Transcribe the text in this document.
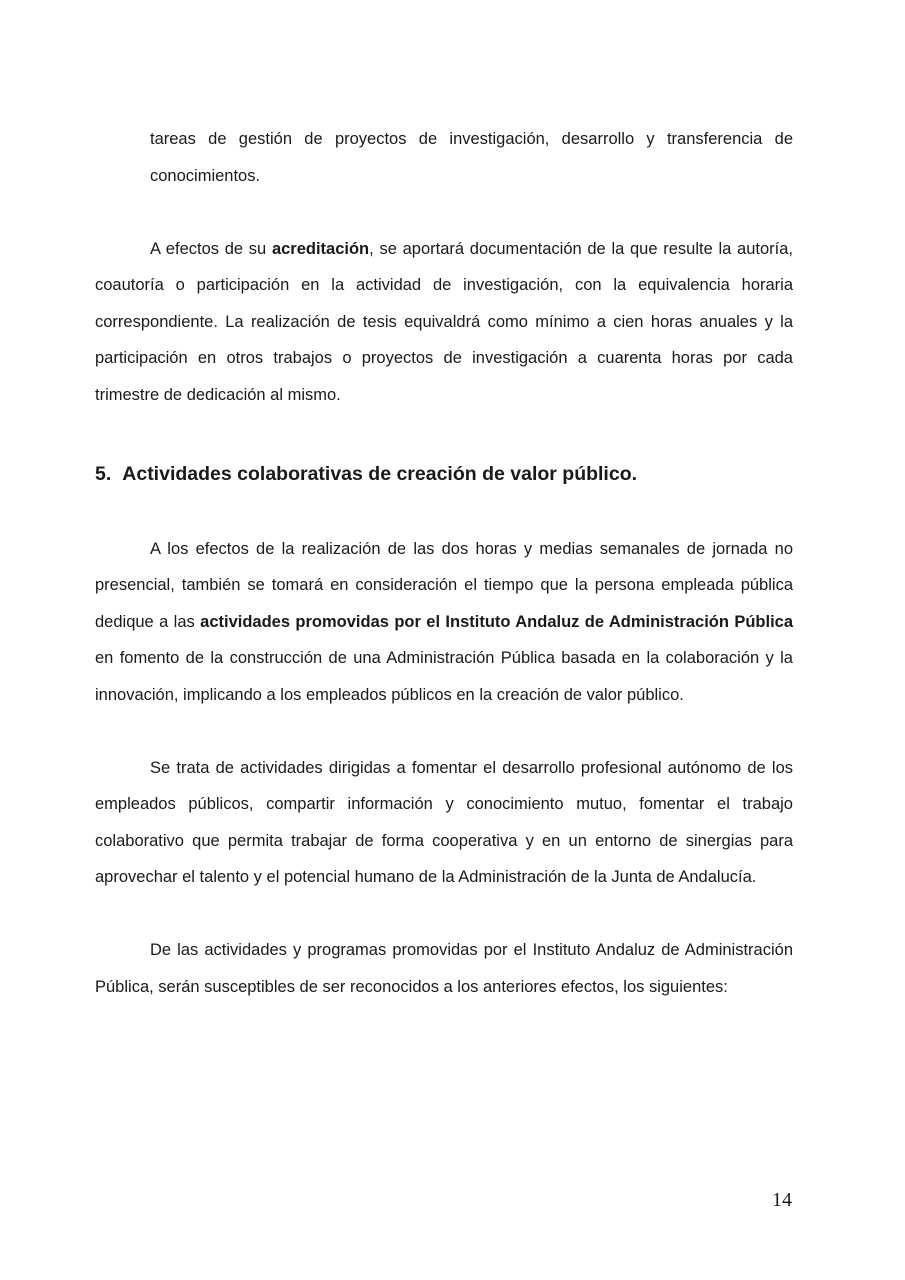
tareas de gestión de proyectos de investigación, desarrollo y transferencia de conocimientos.

A efectos de su acreditación, se aportará documentación de la que resulte la autoría, coautoría o participación en la actividad de investigación, con la equivalencia horaria correspondiente. La realización de tesis equivaldrá como mínimo a cien horas anuales y la participación en otros trabajos o proyectos de investigación a cuarenta horas por cada trimestre de dedicación al mismo.

5. Actividades colaborativas de creación de valor público.

A los efectos de la realización de las dos horas y medias semanales de jornada no presencial, también se tomará en consideración el tiempo que la persona empleada pública dedique a las actividades promovidas por el Instituto Andaluz de Administración Pública en fomento de la construcción de una Administración Pública basada en la colaboración y la innovación, implicando a los empleados públicos en la creación de valor público.

Se trata de actividades dirigidas a fomentar el desarrollo profesional autónomo de los empleados públicos, compartir información y conocimiento mutuo, fomentar el trabajo colaborativo que permita trabajar de forma cooperativa y en un entorno de sinergias para aprovechar el talento y el potencial humano de la Administración de la Junta de Andalucía.

De las actividades y programas promovidas por el Instituto Andaluz de Administración Pública, serán susceptibles de ser reconocidos a los anteriores efectos, los siguientes:

14
